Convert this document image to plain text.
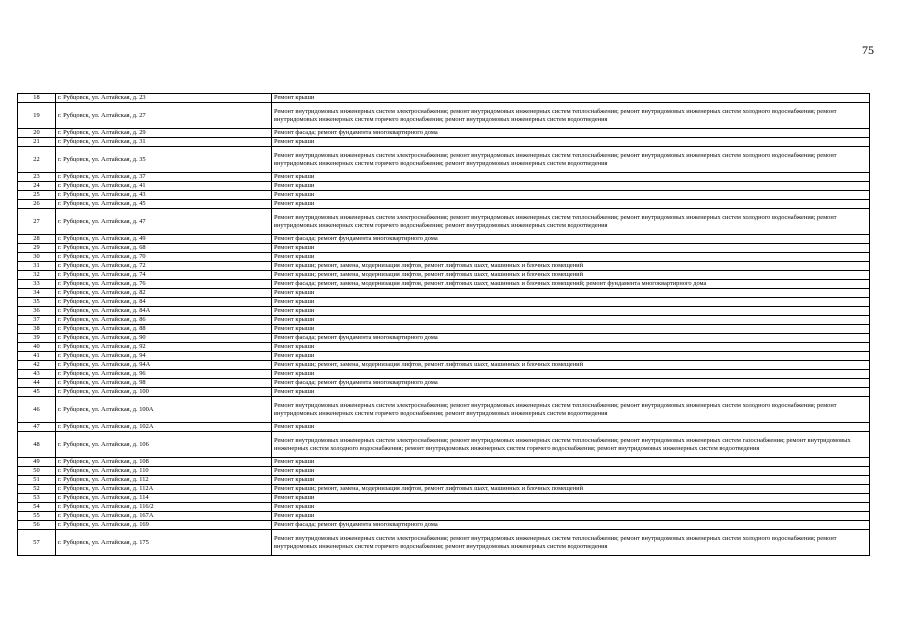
75
18	г. Рубцовск, ул. Алтайская, д. 23	Ремонт крыши
19	г. Рубцовск, ул. Алтайская, д. 27	Ремонт внутридомовых инженерных систем электроснабжения; ремонт внутридомовых инженерных систем теплоснабжения; ремонт внутридомовых инженерных систем холодного водоснабжения; ремонт внутридомовых инженерных систем горячего водоснабжения; ремонт внутридомовых инженерных систем водоотведения
20	г. Рубцовск, ул. Алтайская, д. 29	Ремонт фасада; ремонт фундамента многоквартирного дома
21	г. Рубцовск, ул. Алтайская, д. 31	Ремонт крыши
22	г. Рубцовск, ул. Алтайская, д. 35	Ремонт внутридомовых инженерных систем электроснабжения; ремонт внутридомовых инженерных систем теплоснабжения; ремонт внутридомовых инженерных систем холодного водоснабжения; ремонт внутридомовых инженерных систем горячего водоснабжения; ремонт внутридомовых инженерных систем водоотведения
23	г. Рубцовск, ул. Алтайская, д. 37	Ремонт крыши
24	г. Рубцовск, ул. Алтайская, д. 41	Ремонт крыши
25	г. Рубцовск, ул. Алтайская, д. 43	Ремонт крыши
26	г. Рубцовск, ул. Алтайская, д. 45	Ремонт крыши
27	г. Рубцовск, ул. Алтайская, д. 47	Ремонт внутридомовых инженерных систем электроснабжения; ремонт внутридомовых инженерных систем теплоснабжения; ремонт внутридомовых инженерных систем холодного водоснабжения; ремонт внутридомовых инженерных систем горячего водоснабжения; ремонт внутридомовых инженерных систем водоотведения
28	г. Рубцовск, ул. Алтайская, д. 49	Ремонт фасада; ремонт фундамента многоквартирного дома
29	г. Рубцовск, ул. Алтайская, д. 68	Ремонт крыши
30	г. Рубцовск, ул. Алтайская, д. 70	Ремонт крыши
31	г. Рубцовск, ул. Алтайская, д. 72	Ремонт крыши; ремонт, замена, модернизация лифтов, ремонт лифтовых шахт, машинных и блочных помещений
32	г. Рубцовск, ул. Алтайская, д. 74	Ремонт крыши; ремонт, замена, модернизация лифтов, ремонт лифтовых шахт, машинных и блочных помещений
33	г. Рубцовск, ул. Алтайская, д. 76	Ремонт фасада; ремонт, замена, модернизация лифтов, ремонт лифтовых шахт, машинных и блочных помещений; ремонт фундамента многоквартирного дома
34	г. Рубцовск, ул. Алтайская, д. 82	Ремонт крыши
35	г. Рубцовск, ул. Алтайская, д. 84	Ремонт крыши
36	г. Рубцовск, ул. Алтайская, д. 84А	Ремонт крыши
37	г. Рубцовск, ул. Алтайская, д. 86	Ремонт крыши
38	г. Рубцовск, ул. Алтайская, д. 88	Ремонт крыши
39	г. Рубцовск, ул. Алтайская, д. 90	Ремонт фасада; ремонт фундамента многоквартирного дома
40	г. Рубцовск, ул. Алтайская, д. 92	Ремонт крыши
41	г. Рубцовск, ул. Алтайская, д. 94	Ремонт крыши
42	г. Рубцовск, ул. Алтайская, д. 94А	Ремонт крыши; ремонт, замена, модернизация лифтов, ремонт лифтовых шахт, машинных и блочных помещений
43	г. Рубцовск, ул. Алтайская, д. 96	Ремонт крыши
44	г. Рубцовск, ул. Алтайская, д. 98	Ремонт фасада; ремонт фундамента многоквартирного дома
45	г. Рубцовск, ул. Алтайская, д. 100	Ремонт крыши
46	г. Рубцовск, ул. Алтайская, д. 100А	Ремонт внутридомовых инженерных систем электроснабжения; ремонт внутридомовых инженерных систем теплоснабжения; ремонт внутридомовых инженерных систем холодного водоснабжения; ремонт внутридомовых инженерных систем горячего водоснабжения; ремонт внутридомовых инженерных систем водоотведения
47	г. Рубцовск, ул. Алтайская, д. 102А	Ремонт крыши
48	г. Рубцовск, ул. Алтайская, д. 106	Ремонт внутридомовых инженерных систем электроснабжения; ремонт внутридомовых инженерных систем теплоснабжения; ремонт внутридомовых инженерных систем газоснабжения; ремонт внутридомовых инженерных систем холодного водоснабжения; ремонт внутридомовых инженерных систем горячего водоснабжения; ремонт внутридомовых инженерных систем водоотведения
49	г. Рубцовск, ул. Алтайская, д. 108	Ремонт крыши
50	г. Рубцовск, ул. Алтайская, д. 110	Ремонт крыши
51	г. Рубцовск, ул. Алтайская, д. 112	Ремонт крыши
52	г. Рубцовск, ул. Алтайская, д. 112А	Ремонт крыши; ремонт, замена, модернизация лифтов, ремонт лифтовых шахт, машинных и блочных помещений
53	г. Рубцовск, ул. Алтайская, д. 114	Ремонт крыши
54	г. Рубцовск, ул. Алтайская, д. 116/2	Ремонт крыши
55	г. Рубцовск, ул. Алтайская, д. 167А	Ремонт крыши
56	г. Рубцовск, ул. Алтайская, д. 169	Ремонт фасада; ремонт фундамента многоквартирного дома
57	г. Рубцовск, ул. Алтайская, д. 175	Ремонт внутридомовых инженерных систем электроснабжения; ремонт внутридомовых инженерных систем теплоснабжения; ремонт внутридомовых инженерных систем холодного водоснабжения; ремонт внутридомовых инженерных систем горячего водоснабжения; ремонт внутридомовых инженерных систем водоотведения
